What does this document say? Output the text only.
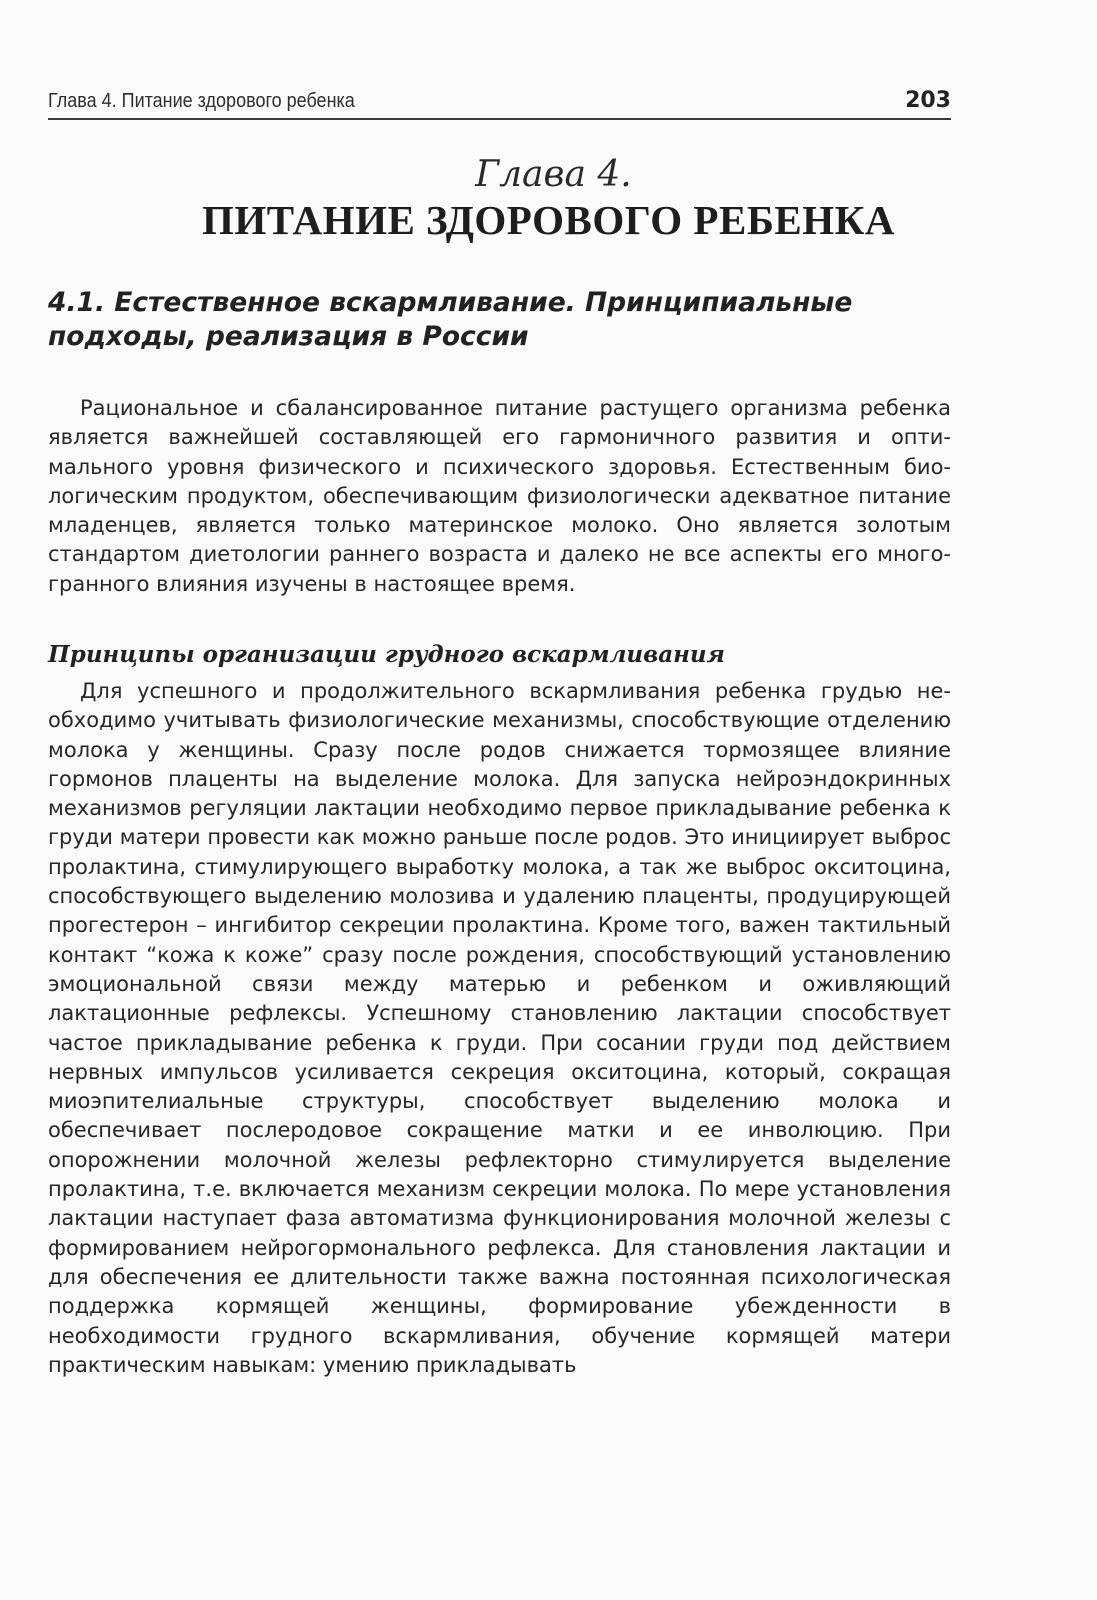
Глава 4. Питание здорового ребенка	203
Глава 4.
ПИТАНИЕ ЗДОРОВОГО РЕБЕНКА
4.1. Естественное вскармливание. Принципиальные подходы, реализация в России

Рациональное и сбалансированное питание растущего организма ребенка является важнейшей составляющей его гармоничного развития и оптимального уровня физического и психического здоровья. Естественным биологическим продуктом, обеспечивающим физиологически адекватное питание младенцев, является только материнское молоко. Оно является золотым стандартом диетологии раннего возраста и далеко не все аспекты его многогранного влияния изучены в настоящее время.

Принципы организации грудного вскармливания

Для успешного и продолжительного вскармливания ребенка грудью необходимо учитывать физиологические механизмы, способствующие отделению молока у женщины. Сразу после родов снижается тормозящее влияние гормонов плаценты на выделение молока. Для запуска нейроэндокринных механизмов регуляции лактации необходимо первое прикладывание ребенка к груди матери провести как можно раньше после родов. Это инициирует выброс пролактина, стимулирующего выработку молока, а так же выброс окситоцина, способствующего выделению молозива и удалению плаценты, продуцирующей прогестерон – ингибитор секреции пролактина. Кроме того, важен тактильный контакт “кожа к коже” сразу после рождения, способствующий установлению эмоциональной связи между матерью и ребенком и оживляющий лактационные рефлексы. Успешному становлению лактации способствует частое прикладывание ребенка к груди. При сосании груди под действием нервных импульсов усиливается секреция окситоцина, который, сокращая миоэпителиальные структуры, способствует выделению молока и обеспечивает послеродовое сокращение матки и ее инволюцию. При опорожнении молочной железы рефлекторно стимулируется выделение пролактина, т.е. включается механизм секреции молока. По мере установления лактации наступает фаза автоматизма функционирования молочной железы с формированием нейрогормонального рефлекса. Для становления лактации и для обеспечения ее длительности также важна постоянная психологическая поддержка кормящей женщины, формирование убежденности в необходимости грудного вскармливания, обучение кормящей матери практическим навыкам: умению прикладывать
